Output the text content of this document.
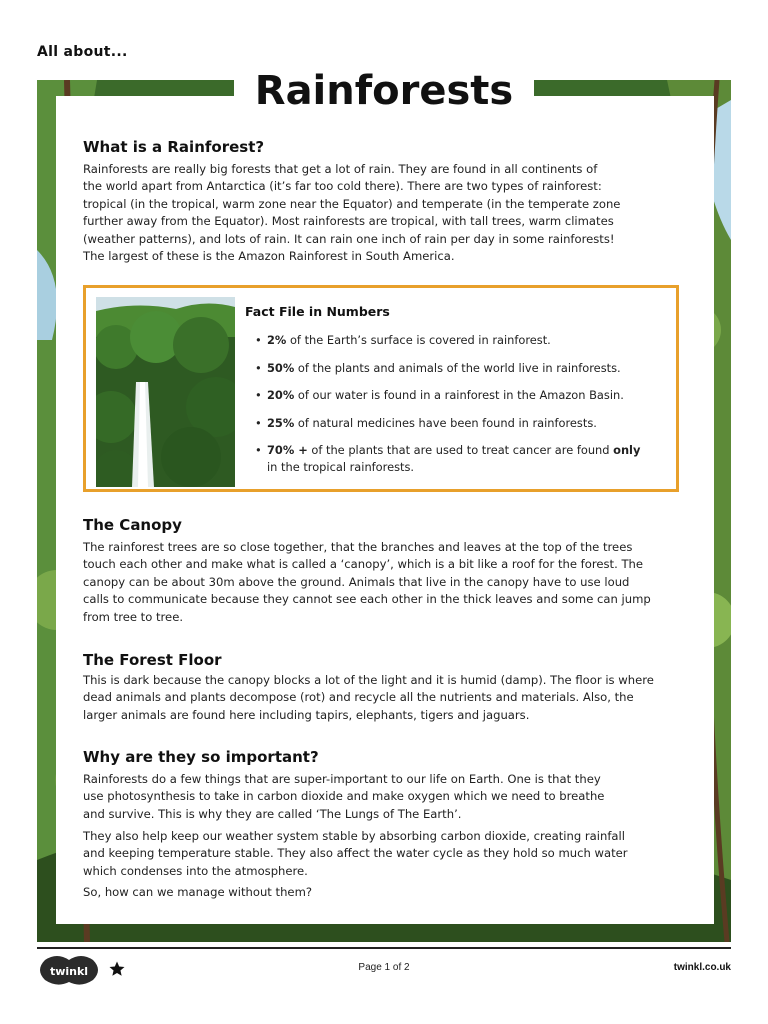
All about...
Rainforests
What is a Rainforest?
Rainforests are really big forests that get a lot of rain. They are found in all continents of
the world apart from Antarctica (it’s far too cold there). There are two types of rainforest:
tropical (in the tropical, warm zone near the Equator) and temperate (in the temperate zone
further away from the Equator). Most rainforests are tropical, with tall trees, warm climates
(weather patterns), and lots of rain. It can rain one inch of rain per day in some rainforests!
The largest of these is the Amazon Rainforest in South America.
Fact File in Numbers
• 2% of the Earth’s surface is covered in rainforest.
• 50% of the plants and animals of the world live in rainforests.
• 20% of our water is found in a rainforest in the Amazon Basin.
• 25% of natural medicines have been found in rainforests.
• 70% + of the plants that are used to treat cancer are found only
in the tropical rainforests.
The Canopy
The rainforest trees are so close together, that the branches and leaves at the top of the trees
touch each other and make what is called a ‘canopy’, which is a bit like a roof for the forest. The
canopy can be about 30m above the ground. Animals that live in the canopy have to use loud
calls to communicate because they cannot see each other in the thick leaves and some can jump
from tree to tree.
The Forest Floor
This is dark because the canopy blocks a lot of the light and it is humid (damp). The floor is where
dead animals and plants decompose (rot) and recycle all the nutrients and materials. Also, the
larger animals are found here including tapirs, elephants, tigers and jaguars.
Why are they so important?
Rainforests do a few things that are super-important to our life on Earth. One is that they
use photosynthesis to take in carbon dioxide and make oxygen which we need to breathe
and survive. This is why they are called ‘The Lungs of The Earth’.
They also help keep our weather system stable by absorbing carbon dioxide, creating rainfall
and keeping temperature stable. They also affect the water cycle as they hold so much water
which condenses into the atmosphere.
So, how can we manage without them?
twinkl	Page 1 of 2	twinkl.co.uk
